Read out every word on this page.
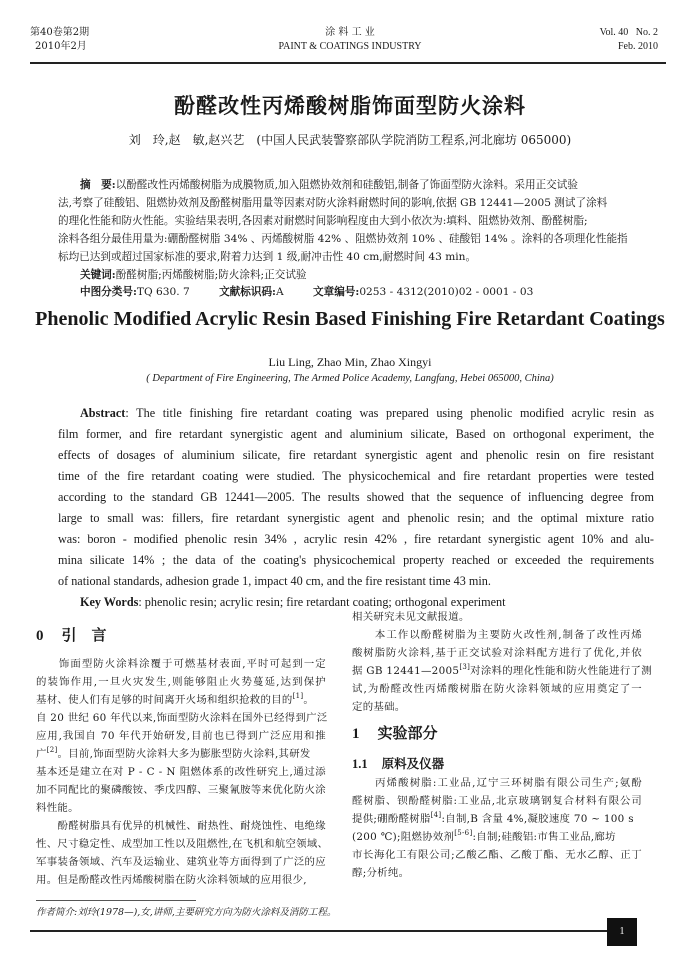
第40卷第2期
2010年2月
涂 料 工 业
PAINT & COATINGS INDUSTRY
Vol. 40   No. 2
Feb. 2010
酚醛改性丙烯酸树脂饰面型防火涂料
刘　玲,赵　敏,赵兴艺　(中国人民武装警察部队学院消防工程系,河北廊坊 065000)
摘　要:以酚醛改性丙烯酸树脂为成膜物质,加入阻燃协效剂和硅酸铝,制备了饰面型防火涂料。采用正交试验
法,考察了硅酸铝、阻燃协效剂及酚醛树脂用量等因素对防火涂料耐燃时间的影响,依据 GB 12441—2005 测试了涂料
的理化性能和防火性能。实验结果表明,各因素对耐燃时间影响程度由大到小依次为:填料、阻燃协效剂、酚醛树脂;
涂料各组分最佳用量为:硼酚醛树脂 34% 、丙烯酸树脂 42% 、阻燃协效剂 10% 、硅酸铝 14% 。涂料的各项理化性能指
标均已达到或超过国家标准的要求,附着力达到 1 级,耐冲击性 40 cm,耐燃时间 43 min。
关键词:酚醛树脂;丙烯酸树脂;防火涂料;正交试验
中图分类号:TQ 630. 7	文献标识码:A	文章编号:0253 - 4312(2010)02 - 0001 - 03
Phenolic Modified Acrylic Resin Based Finishing Fire Retardant Coatings
Liu Ling, Zhao Min, Zhao Xingyi
( Department of Fire Engineering, The Armed Police Academy, Langfang, Hebei 065000, China)
Abstract: The title finishing fire retardant coating was prepared using phenolic modified acrylic resin as
film former, and fire retardant synergistic agent and aluminium silicate, Based on orthogonal experiment, the
effects of dosages of aluminium silicate, fire retardant synergistic agent and phenolic resin on fire resistant
time of the fire retardant coating were studied. The physicochemical and fire retardant properties were tested
according to the standard GB 12441—2005. The results showed that the sequence of influencing degree from
large to small was: fillers, fire retardant synergistic agent and phenolic resin; and the optimal mixture ratio
was: boron - modified phenolic resin 34% , acrylic resin 42% , fire retardant synergistic agent 10% and alu-
mina silicate 14% ; the data of the coating's physicochemical property reached or exceeded the requirements
of national standards, adhesion grade 1, impact 40 cm, and the fire resistant time 43 min.
Key Words: phenolic resin; acrylic resin; fire retardant coating; orthogonal experiment
0 引　言
　　饰面型防火涂料涂覆于可燃基材表面,平时可起到一定
的装饰作用,一旦火灾发生,则能够阻止火势蔓延,达到保护
基材、使人们有足够的时间离开火场和组织抢救的目的[1]。
自 20 世纪 60 年代以来,饰面型防火涂料在国外已经得到广泛
应用,我国自 70 年代开始研发,目前也已得到广泛应用和推
广[2]。目前,饰面型防火涂料大多为膨胀型防火涂料,其研发
基本还是建立在对 P - C - N 阻燃体系的改性研究上,通过添
加不同配比的聚磷酸铵、季戊四醇、三聚氰胺等来优化防火涂
料性能。
　　酚醛树脂具有优异的机械性、耐热性、耐烧蚀性、电绝缘
性、尺寸稳定性、成型加工性以及阻燃性,在飞机和航空领域、
军事装备领域、汽车及运输业、建筑业等方面得到了广泛的应
用。但是酚醛改性丙烯酸树脂在防火涂料领域的应用很少,
相关研究未见文献报道。
　　本工作以酚醛树脂为主要防火改性剂,制备了改性丙烯
酸树脂防火涂料,基于正交试验对涂料配方进行了优化,并依
据 GB 12441—2005[3]对涂料的理化性能和防火性能进行了测
试,为酚醛改性丙烯酸树脂在防火涂料领域的应用奠定了一
定的基础。
1 实验部分
1.1 原料及仪器
　　丙烯酸树脂:工业品,辽宁三环树脂有限公司生产;氨酚
醛树脂、钡酚醛树脂:工业品,北京玻璃钢复合材料有限公司
提供;硼酚醛树脂[4]:自制,B 含量 4%,凝胶速度 70 ~ 100 s
(200 ℃);阻燃协效剂[5-6]:自制;硅酸铝:市售工业品,廊坊
市长海化工有限公司;乙酸乙酯、乙酸丁酯、无水乙醇、正丁
醇;分析纯。
作者简介:刘玲(1978—),女,讲师,主要研究方向为防火涂料及消防工程。
1
